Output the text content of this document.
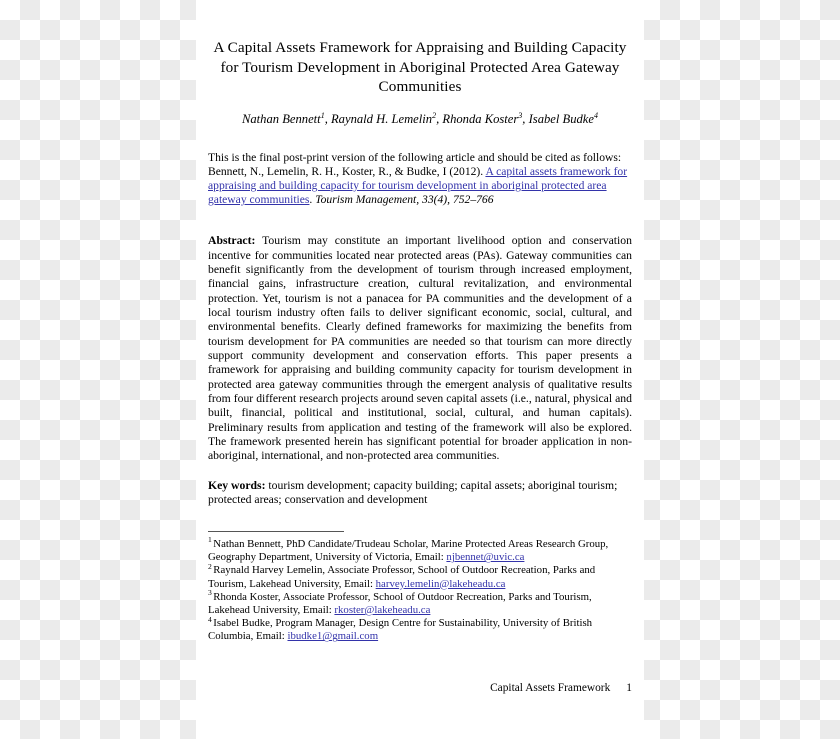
A Capital Assets Framework for Appraising and Building Capacity for Tourism Development in Aboriginal Protected Area Gateway Communities

Nathan Bennett$^1$, Raynald H. Lemelin$^2$, Rhonda Koster$^3$, Isabel Budke$^4$

This is the final post-print version of the following article and should be cited as follows: Bennett, N., Lemelin, R. H., Koster, R., & Budke, I (2012). A capital assets framework for appraising and building capacity for tourism development in aboriginal protected area gateway communities. Tourism Management, 33(4), 752–766

Abstract: Tourism may constitute an important livelihood option and conservation incentive for communities located near protected areas (PAs). Gateway communities can benefit significantly from the development of tourism through increased employment, financial gains, infrastructure creation, cultural revitalization, and environmental protection. Yet, tourism is not a panacea for PA communities and the development of a local tourism industry often fails to deliver significant economic, social, cultural, and environmental benefits. Clearly defined frameworks for maximizing the benefits from tourism development for PA communities are needed so that tourism can more directly support community development and conservation efforts. This paper presents a framework for appraising and building community capacity for tourism development in protected area gateway communities through the emergent analysis of qualitative results from four different research projects around seven capital assets (i.e., natural, physical and built, financial, political and institutional, social, cultural, and human capitals). Preliminary results from application and testing of the framework will also be explored. The framework presented herein has significant potential for broader application in non-aboriginal, international, and non-protected area communities.

Key words: tourism development; capacity building; capital assets; aboriginal tourism; protected areas; conservation and development

$^1$ Nathan Bennett, PhD Candidate/Trudeau Scholar, Marine Protected Areas Research Group, Geography Department, University of Victoria, Email: njbennet@uvic.ca

$^2$ Raynald Harvey Lemelin, Associate Professor, School of Outdoor Recreation, Parks and Tourism, Lakehead University, Email: harvey.lemelin@lakeheadu.ca

$^3$ Rhonda Koster, Associate Professor, School of Outdoor Recreation, Parks and Tourism, Lakehead University, Email: rkoster@lakeheadu.ca

$^4$ Isabel Budke, Program Manager, Design Centre for Sustainability, University of British Columbia, Email: ibudke1@gmail.com

Capital Assets Framework 1
